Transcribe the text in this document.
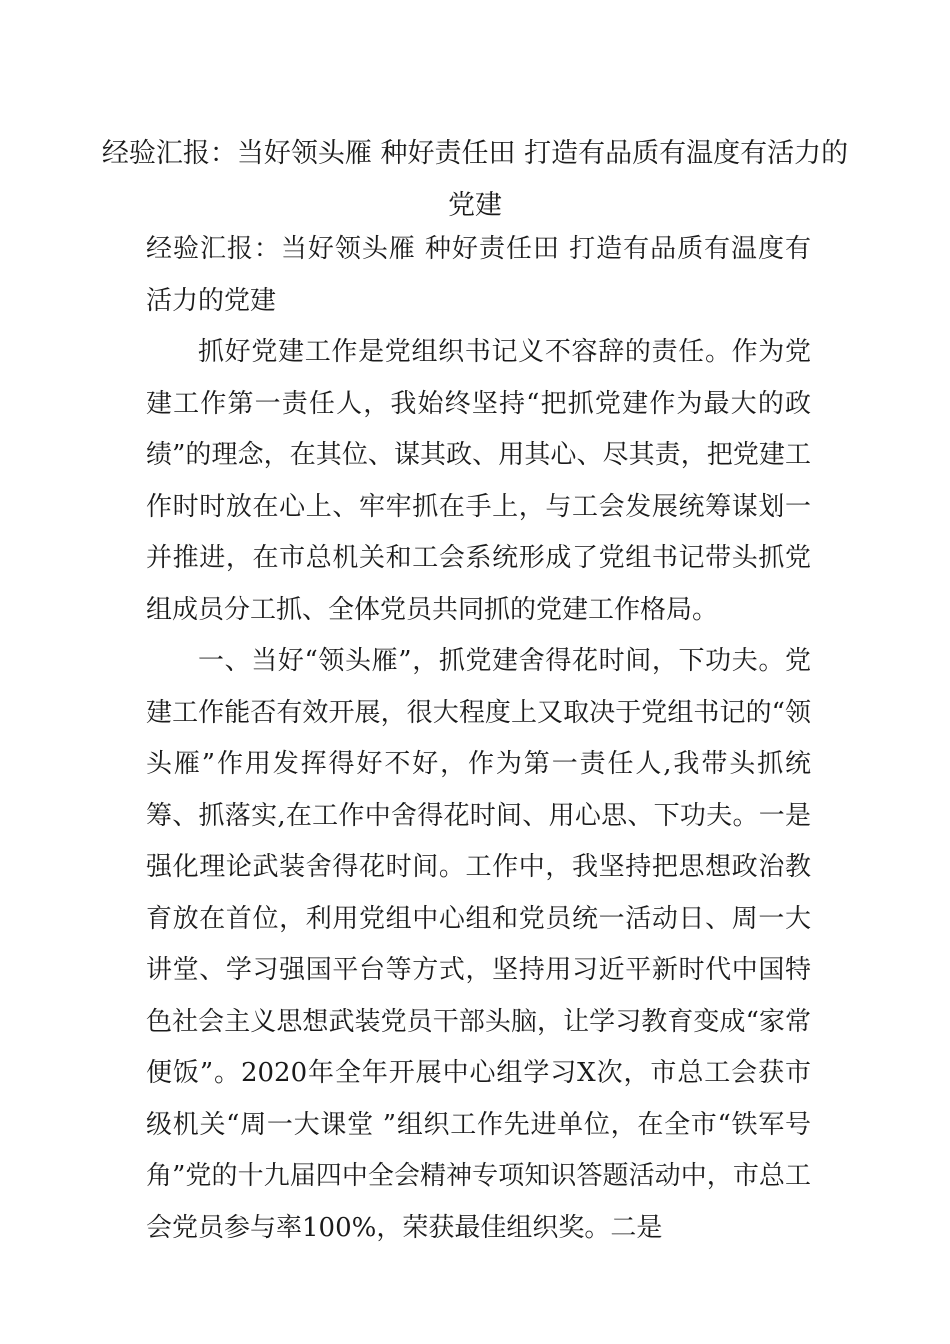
经验汇报：当好领头雁 种好责任田 打造有品质有温度有活力的党建

经验汇报：当好领头雁 种好责任田 打造有品质有温度有活力的党建

抓好党建工作是党组织书记义不容辞的责任。作为党建工作第一责任人，我始终坚持“把抓党建作为最大的政绩”的理念，在其位、谋其政、用其心、尽其责，把党建工作时时放在心上、牢牢抓在手上，与工会发展统筹谋划一并推进，在市总机关和工会系统形成了党组书记带头抓党组成员分工抓、全体党员共同抓的党建工作格局。

一、当好“领头雁”，抓党建舍得花时间，下功夫。党建工作能否有效开展，很大程度上又取决于党组书记的“领头雁”作用发挥得好不好，作为第一责任人,我带头抓统筹、抓落实,在工作中舍得花时间、用心思、下功夫。一是强化理论武装舍得花时间。工作中，我坚持把思想政治教育放在首位，利用党组中心组和党员统一活动日、周一大讲堂、学习强国平台等方式，坚持用习近平新时代中国特色社会主义思想武装党员干部头脑，让学习教育变成“家常便饭”。2020年全年开展中心组学习X次，市总工会获市级机关“周一大课堂 ”组织工作先进单位，在全市“铁军号角”党的十九届四中全会精神专项知识答题活动中，市总工会党员参与率100%，荣获最佳组织奖。二是
